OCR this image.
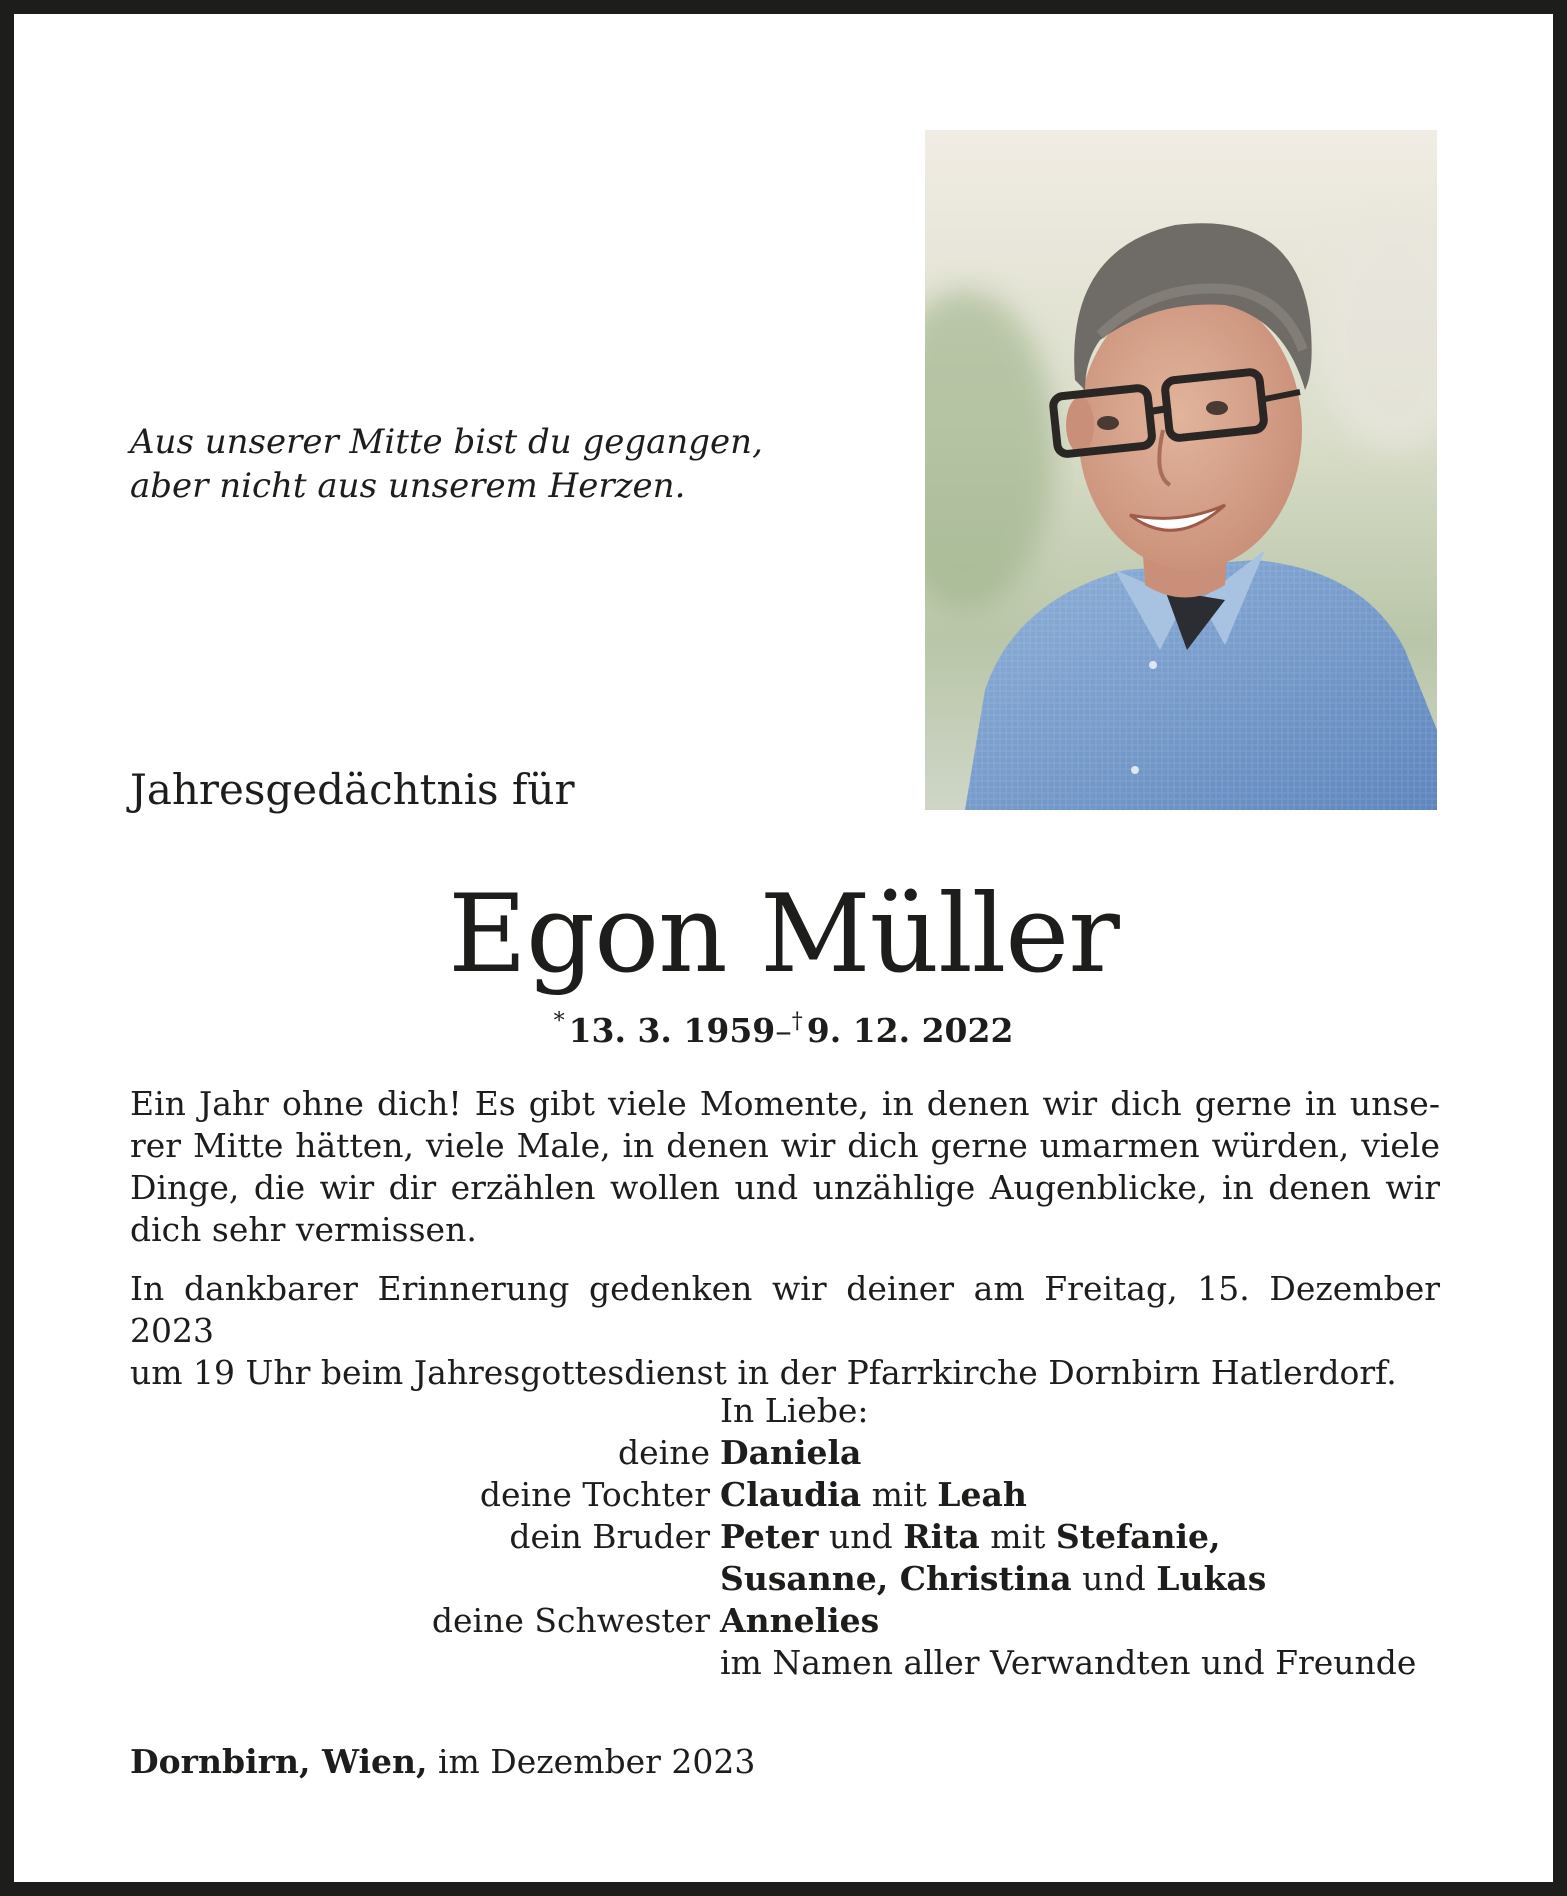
Aus unserer Mitte bist du gegangen,
aber nicht aus unserem Herzen.
Jahresgedächtnis für
Egon Müller
* 13. 3. 1959–† 9. 12. 2022
Ein Jahr ohne dich! Es gibt viele Momente, in denen wir dich gerne in unse-rer Mitte hätten, viele Male, in denen wir dich gerne umarmen würden, viele Dinge, die wir dir erzählen wollen und unzählige Augenblicke, in denen wir dich sehr vermissen.
In dankbarer Erinnerung gedenken wir deiner am Freitag, 15. Dezember 2023
um 19 Uhr beim Jahresgottesdienst in der Pfarrkirche Dornbirn Hatlerdorf.
In Liebe:
deine Daniela
deine Tochter Claudia mit Leah
dein Bruder Peter und Rita mit Stefanie,
Susanne, Christina und Lukas
deine Schwester Annelies
im Namen aller Verwandten und Freunde
Dornbirn, Wien, im Dezember 2023
